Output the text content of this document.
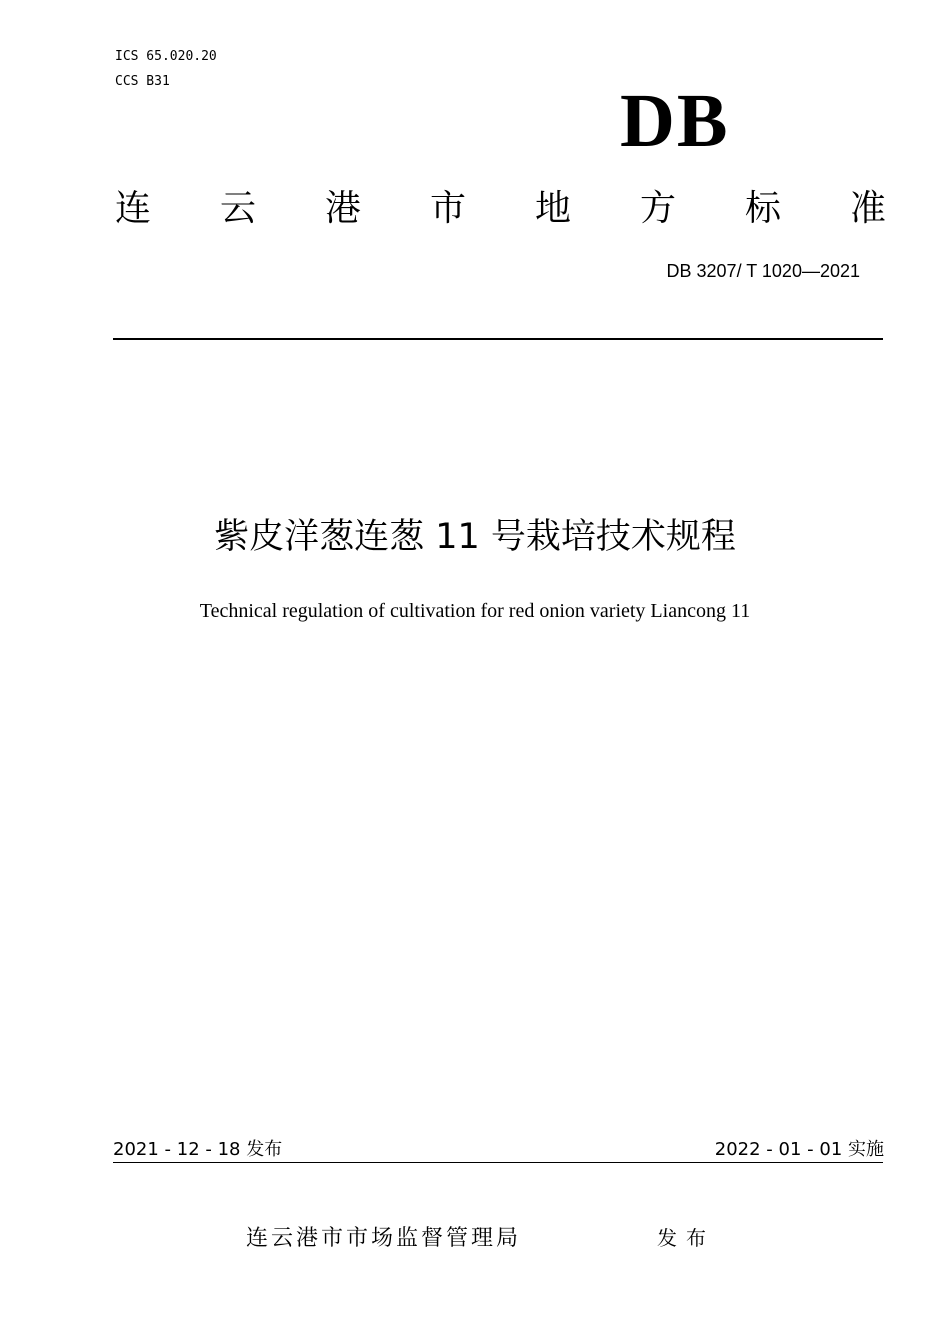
ICS 65.020.20
CCS B31	DB
连 云 港 市 地 方 标 准
DB 3207/ T 1020—2021
紫皮洋葱连葱 11 号栽培技术规程
Technical regulation of cultivation for red onion variety Liancong 11
2021 - 12 - 18 发布	2022 - 01 - 01 实施
连云港市市场监督管理局	发布
